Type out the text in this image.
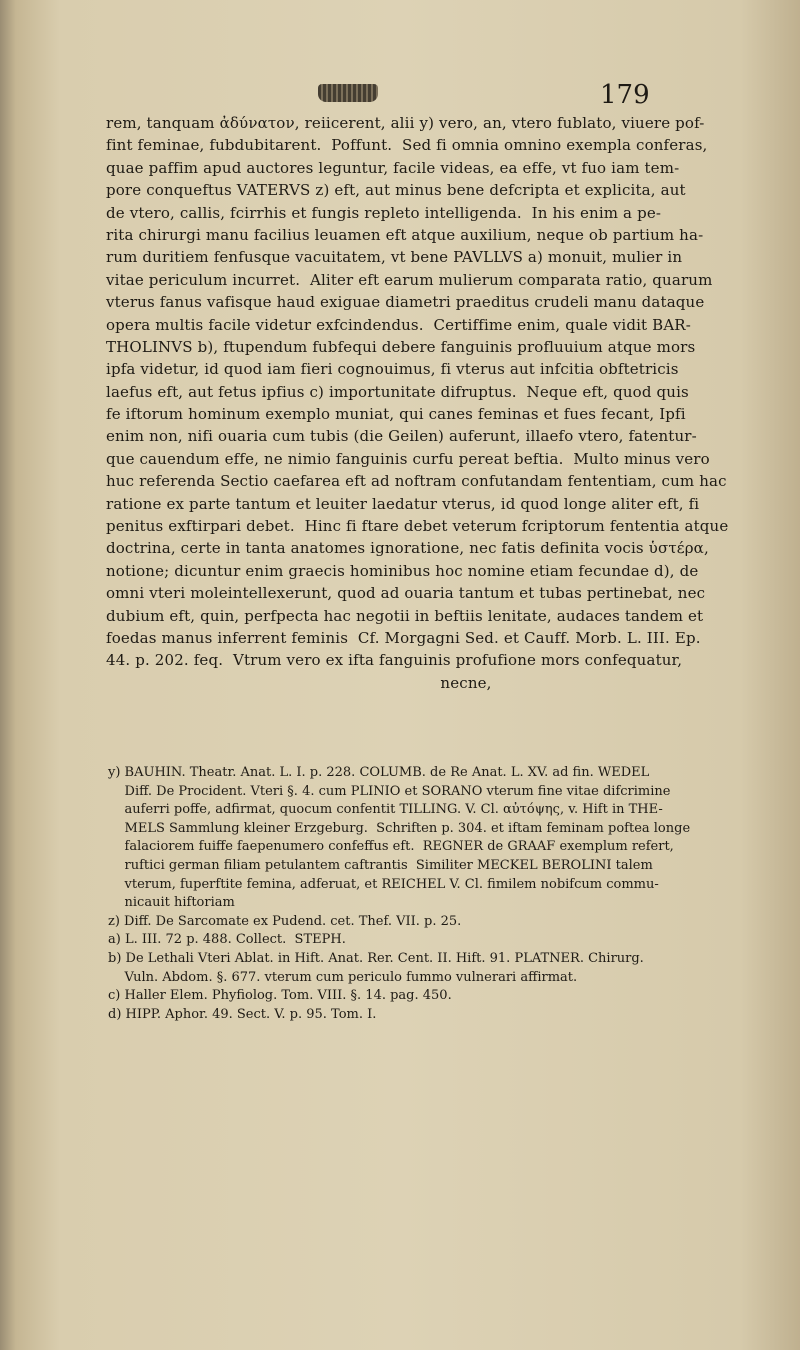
179
rem, tanquam ἀδύνατον, reiicerent, alii y) vero, an, vtero fublato, viuere pof-
fint feminae, fubdubitarent.  Poffunt.  Sed fi omnia omnino exempla conferas,
quae paffim apud auctores leguntur, facile videas, ea effe, vt fuo iam tem-
pore conqueftus VATERVS z) eft, aut minus bene defcripta et explicita, aut
de vtero, callis, fcirrhis et fungis repleto intelligenda.  In his enim a pe-
rita chirurgi manu facilius leuamen eft atque auxilium, neque ob partium ha-
rum duritiem fenfusque vacuitatem, vt bene PAVLLVS a) monuit, mulier in
vitae periculum incurret.  Aliter eft earum mulierum comparata ratio, quarum
vterus fanus vafisque haud exiguae diametri praeditus crudeli manu dataque
opera multis facile videtur exfcindendus.  Certiffime enim, quale vidit BAR-
THOLINVS b), ftupendum fubfequi debere fanguinis profluuium atque mors
ipfa videtur, id quod iam fieri cognouimus, fi vterus aut infcitia obftetricis
laefus eft, aut fetus ipfius c) importunitate difruptus.  Neque eft, quod quis
fe iftorum hominum exemplo muniat, qui canes feminas et fues fecant, Ipfi
enim non, nifi ouaria cum tubis (die Geilen) auferunt, illaefo vtero, fatentur-
que cauendum effe, ne nimio fanguinis curfu pereat beftia.  Multo minus vero
huc referenda Sectio caefarea eft ad noftram confutandam fententiam, cum hac
ratione ex parte tantum et leuiter laedatur vterus, id quod longe aliter eft, fi
penitus exftirpari debet.  Hinc fi ftare debet veterum fcriptorum fententia atque
doctrina, certe in tanta anatomes ignoratione, nec fatis definita vocis ὑστέρα,
notione; dicuntur enim graecis hominibus hoc nomine etiam fecundae d), de
omni vteri moleintellexerunt, quod ad ouaria tantum et tubas pertinebat, nec
dubium eft, quin, perfpecta hac negotii in beftiis lenitate, audaces tandem et
foedas manus inferrent feminis  Cf. Morgagni Sed. et Cauff. Morb. L. III. Ep.
44. p. 202. feq.  Vtrum vero ex ifta fanguinis profufione mors confequatur,
necne,
y) BAUHIN. Theatr. Anat. L. I. p. 228. COLUMB. de Re Anat. L. XV. ad fin. WEDEL
Diff. De Procident. Vteri §. 4. cum PLINIO et SORANO vterum fine vitae difcrimine
auferri poffe, adfirmat, quocum confentit TILLING. V. Cl. αὐτόψης, v. Hift in THE-
MELS Sammlung kleiner Erzgeburg.  Schriften p. 304. et iftam feminam poftea longe
falaciorem fuiffe faepenumero confeffus eft.  REGNER de GRAAF exemplum refert,
ruftici german filiam petulantem caftrantis  Similiter MECKEL BEROLINI talem
vterum, fuperftite femina, adferuat, et REICHEL V. Cl. fimilem nobifcum commu-
nicauit hiftoriam
z) Diff. De Sarcomate ex Pudend. cet. Thef. VII. p. 25.
a) L. III. 72 p. 488. Collect.  STEPH.
b) De Lethali Vteri Ablat. in Hift. Anat. Rer. Cent. II. Hift. 91. PLATNER. Chirurg.
Vuln. Abdom. §. 677. vterum cum periculo fummo vulnerari affirmat.
c) Haller Elem. Phyfiolog. Tom. VIII. §. 14. pag. 450.
d) HIPP. Aphor. 49. Sect. V. p. 95. Tom. I.
